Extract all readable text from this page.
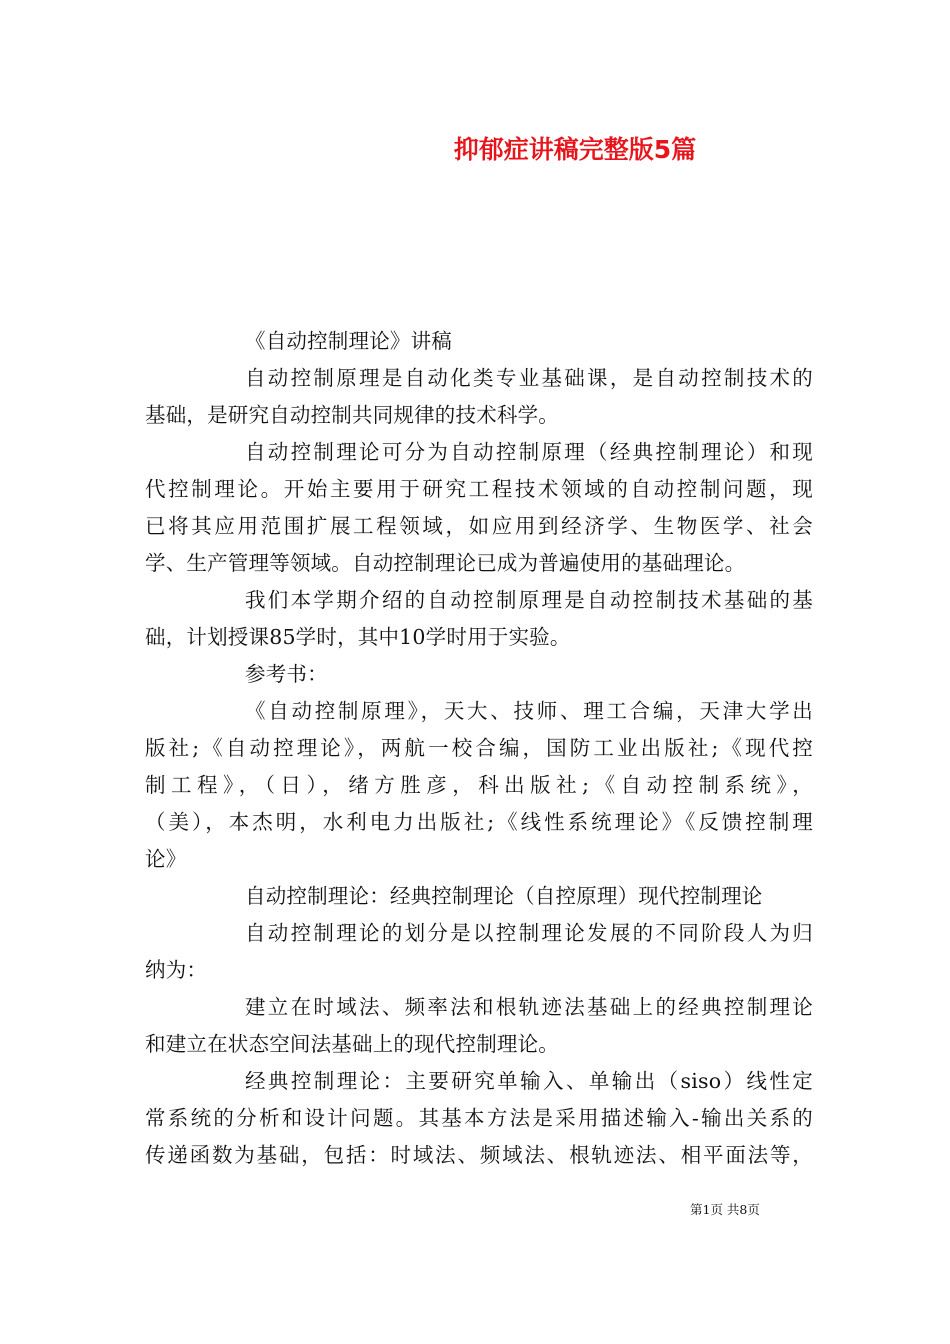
抑郁症讲稿完整版5篇
《自动控制理论》讲稿
自动控制原理是自动化类专业基础课，是自动控制技术的
基础，是研究自动控制共同规律的技术科学。
自动控制理论可分为自动控制原理（经典控制理论）和现
代控制理论。开始主要用于研究工程技术领域的自动控制问题，现
已将其应用范围扩展工程领域，如应用到经济学、生物医学、社会
学、生产管理等领域。自动控制理论已成为普遍使用的基础理论。
我们本学期介绍的自动控制原理是自动控制技术基础的基
础，计划授课85学时，其中10学时用于实验。
参考书：
《自动控制原理》，天大、技师、理工合编，天津大学出
版社;《自动控理论》，两航一校合编，国防工业出版社;《现代控
制工程》，（日），绪方胜彦，科出版社;《自动控制系统》，
（美），本杰明，水利电力出版社;《线性系统理论》《反馈控制理
论》
自动控制理论：经典控制理论（自控原理）现代控制理论
自动控制理论的划分是以控制理论发展的不同阶段人为归
纳为：
建立在时域法、频率法和根轨迹法基础上的经典控制理论
和建立在状态空间法基础上的现代控制理论。
经典控制理论：主要研究单输入、单输出（siso）线性定
常系统的分析和设计问题。其基本方法是采用描述输入-输出关系的
传递函数为基础，包括：时域法、频域法、根轨迹法、相平面法等，
第1页 共8页
